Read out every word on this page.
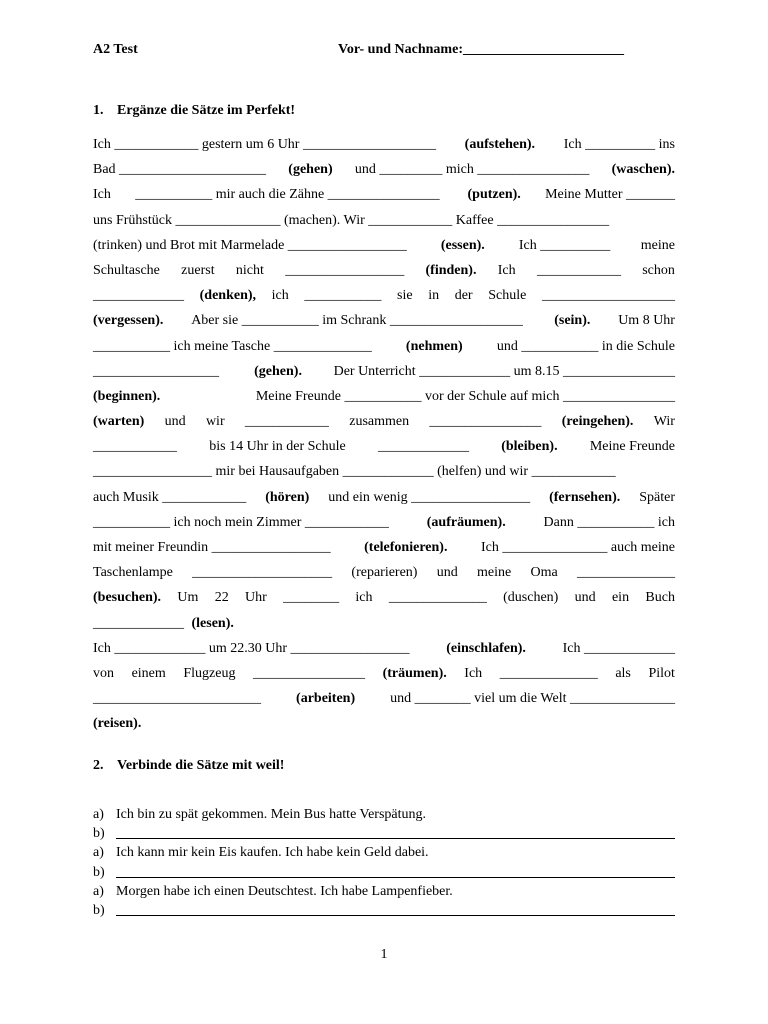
A2 Test	Vor- und Nachname:_______________________
1. Ergänze die Sätze im Perfekt!
Ich ____________ gestern um 6 Uhr ___________________ (aufstehen). Ich __________ ins
Bad _____________________ (gehen) und _________ mich ________________ (waschen).
Ich ___________ mir auch die Zähne ________________ (putzen). Meine Mutter _______
uns Frühstück _______________ (machen). Wir ____________ Kaffee ________________
(trinken) und Brot mit Marmelade _________________ (essen). Ich __________ meine
Schultasche zuerst nicht _________________ (finden). Ich ____________ schon
_____________ (denken), ich ___________ sie in der Schule ___________________
(vergessen). Aber sie ___________ im Schrank ___________________ (sein). Um 8 Uhr
___________ ich meine Tasche ______________ (nehmen) und ___________ in die Schule
__________________ (gehen). Der Unterricht _____________ um 8.15 ________________
(beginnen).	Meine Freunde ___________ vor der Schule auf mich ________________
(warten) und wir ____________ zusammen ________________ (reingehen). Wir
____________ bis 14 Uhr in der Schule _____________ (bleiben). Meine Freunde
_________________ mir bei Hausaufgaben _____________ (helfen) und wir ____________
auch Musik ____________ (hören) und ein wenig _________________ (fernsehen). Später
___________ ich noch mein Zimmer ____________ (aufräumen). Dann ___________ ich
mit meiner Freundin _________________ (telefonieren). Ich _______________ auch meine
Taschenlampe ____________________ (reparieren) und meine Oma ______________
(besuchen). Um 22 Uhr ________ ich ______________ (duschen) und ein Buch
_____________ (lesen).
Ich _____________ um 22.30 Uhr _________________ (einschlafen). Ich _____________
von einem Flugzeug ________________ (träumen). Ich ______________ als Pilot
________________________ (arbeiten) und ________ viel um die Welt _______________
(reisen).
2. Verbinde die Sätze mit weil!
a) Ich bin zu spät gekommen. Mein Bus hatte Verspätung.
b)
a) Ich kann mir kein Eis kaufen. Ich habe kein Geld dabei.
b)
a) Morgen habe ich einen Deutschtest. Ich habe Lampenfieber.
b)
1
